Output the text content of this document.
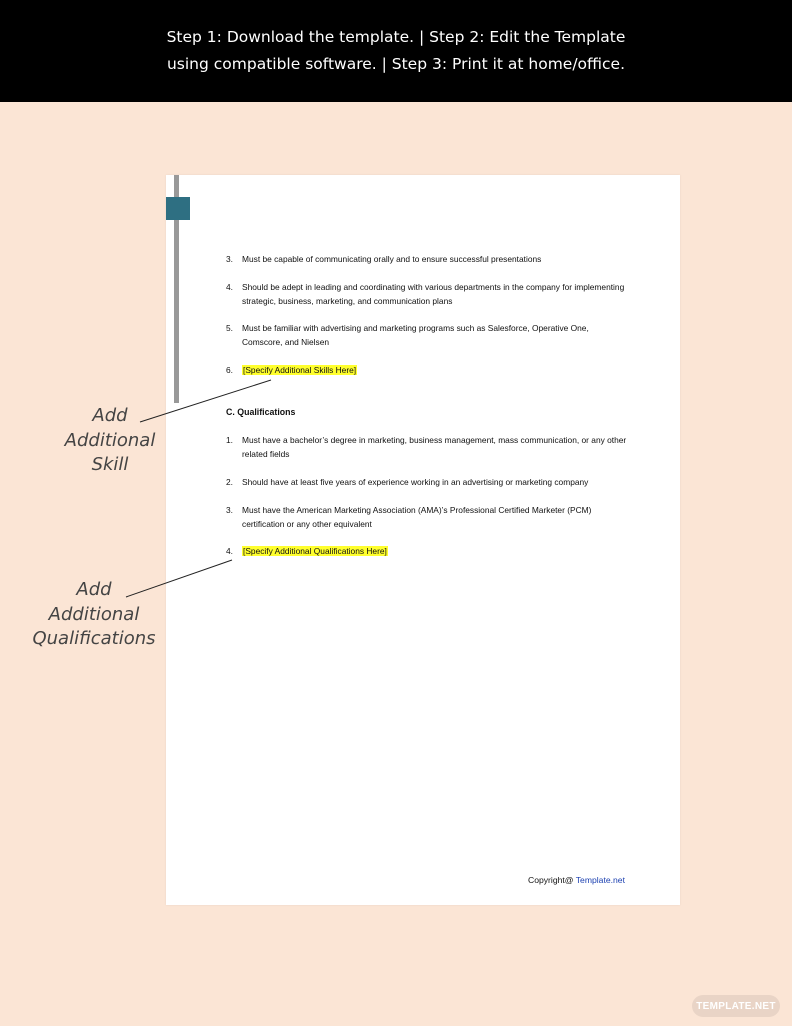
Step 1: Download the template. | Step 2: Edit the Template
using compatible software. | Step 3: Print it at home/office.
3. Must be capable of communicating orally and to ensure successful presentations
4. Should be adept in leading and coordinating with various departments in the company for implementing strategic, business, marketing, and communication plans
5. Must be familiar with advertising and marketing programs such as Salesforce, Operative One, Comscore, and Nielsen
6. [Specify Additional Skills Here]
C. Qualifications
1. Must have a bachelor’s degree in marketing, business management, mass communication, or any other related fields
2. Should have at least five years of experience working in an advertising or marketing company
3. Must have the American Marketing Association (AMA)’s Professional Certified Marketer (PCM) certification or any other equivalent
4. [Specify Additional Qualifications Here]
Copyright@ Template.net
Add
Additional
Skill
Add
Additional
Qualifications
TEMPLATE.NET
